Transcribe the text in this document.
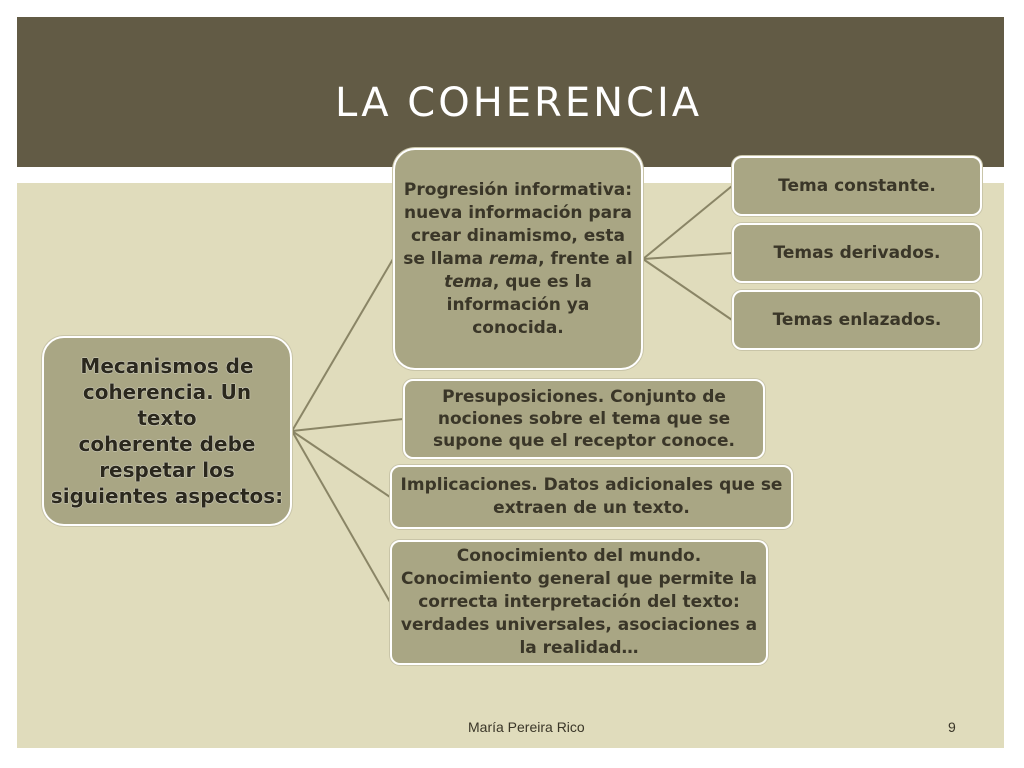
LA COHERENCIA
Mecanismos de
coherencia. Un texto
coherente debe
respetar los
siguientes aspectos:
Progresión informativa:
nueva información para
crear dinamismo, esta
se llama rema, frente al
tema, que es la
información ya
conocida.
Tema constante.
Temas derivados.
Temas enlazados.
Presuposiciones. Conjunto de
nociones sobre el tema que se
supone que el receptor conoce.
Implicaciones. Datos adicionales que se
extraen de un texto.
Conocimiento del mundo.
Conocimiento general que permite la
correcta interpretación del texto:
verdades universales, asociaciones a
la realidad…
María Pereira Rico	9
